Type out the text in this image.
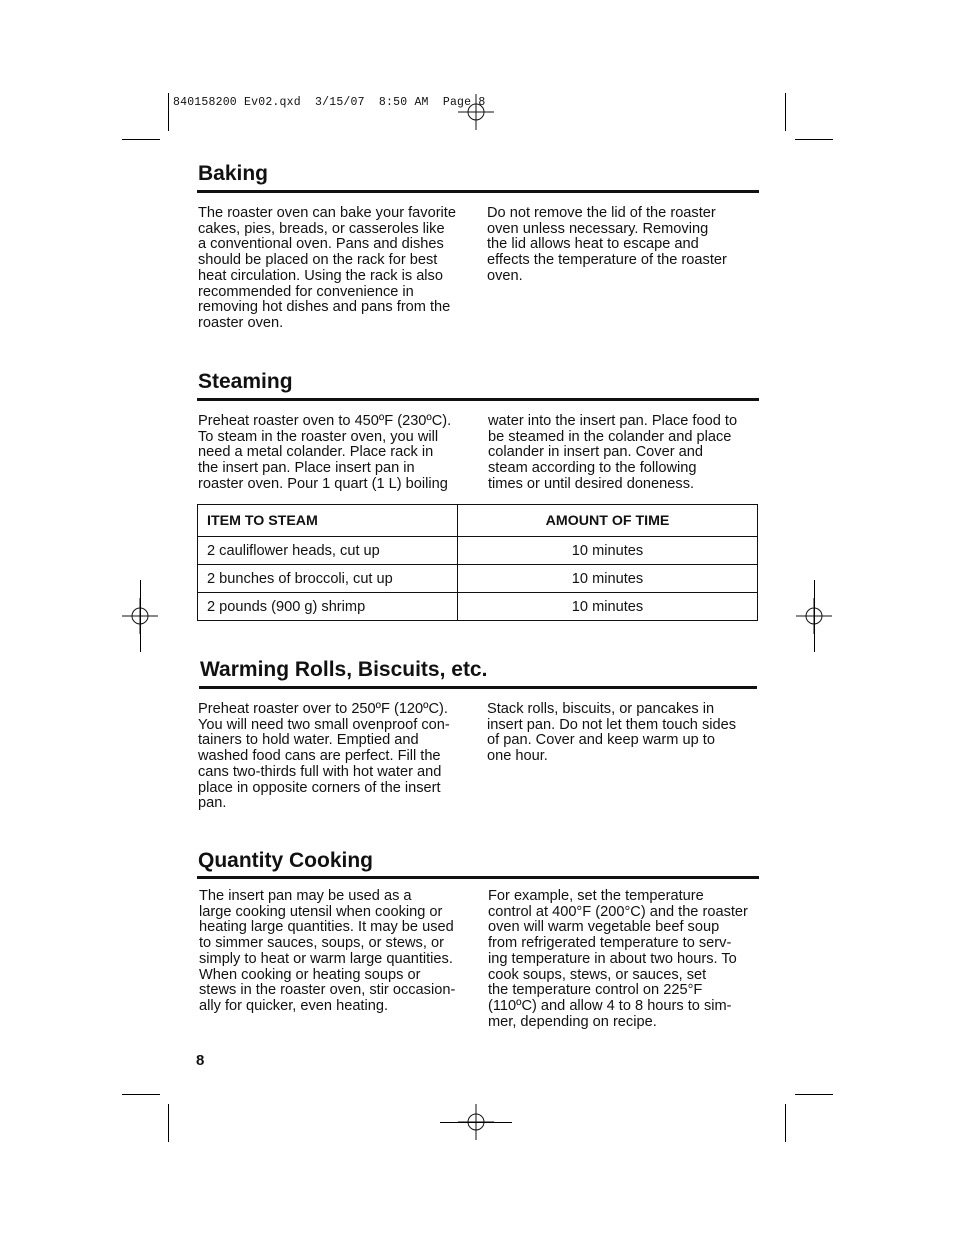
840158200 Ev02.qxd  3/15/07  8:50 AM  Page 8
Baking

The roaster oven can bake your favorite
cakes, pies, breads, or casseroles like
a conventional oven. Pans and dishes
should be placed on the rack for best
heat circulation. Using the rack is also
recommended for convenience in
removing hot dishes and pans from the
roaster oven.

Do not remove the lid of the roaster
oven unless necessary. Removing
the lid allows heat to escape and
effects the temperature of the roaster
oven.

Steaming

Preheat roaster oven to 450ºF (230ºC).
To steam in the roaster oven, you will
need a metal colander. Place rack in
the insert pan. Place insert pan in
roaster oven. Pour 1 quart (1 L) boiling

water into the insert pan. Place food to
be steamed in the colander and place
colander in insert pan. Cover and
steam according to the following
times or until desired doneness.

ITEM TO STEAM	AMOUNT OF TIME
2 cauliflower heads, cut up	10 minutes
2 bunches of broccoli, cut up	10 minutes
2 pounds (900 g) shrimp	10 minutes
Warming Rolls, Biscuits, etc.

Preheat roaster over to 250ºF (120ºC).
You will need two small ovenproof con-
tainers to hold water. Emptied and
washed food cans are perfect. Fill the
cans two-thirds full with hot water and
place in opposite corners of the insert
pan.

Stack rolls, biscuits, or pancakes in
insert pan. Do not let them touch sides
of pan. Cover and keep warm up to
one hour.

Quantity Cooking

The insert pan may be used as a
large cooking utensil when cooking or
heating large quantities. It may be used
to simmer sauces, soups, or stews, or
simply to heat or warm large quantities.
When cooking or heating soups or
stews in the roaster oven, stir occasion-
ally for quicker, even heating.

For example, set the temperature
control at 400°F (200°C) and the roaster
oven will warm vegetable beef soup
from refrigerated temperature to serv-
ing temperature in about two hours. To
cook soups, stews, or sauces, set
the temperature control on 225°F
(110ºC) and allow 4 to 8 hours to sim-
mer, depending on recipe.

8
